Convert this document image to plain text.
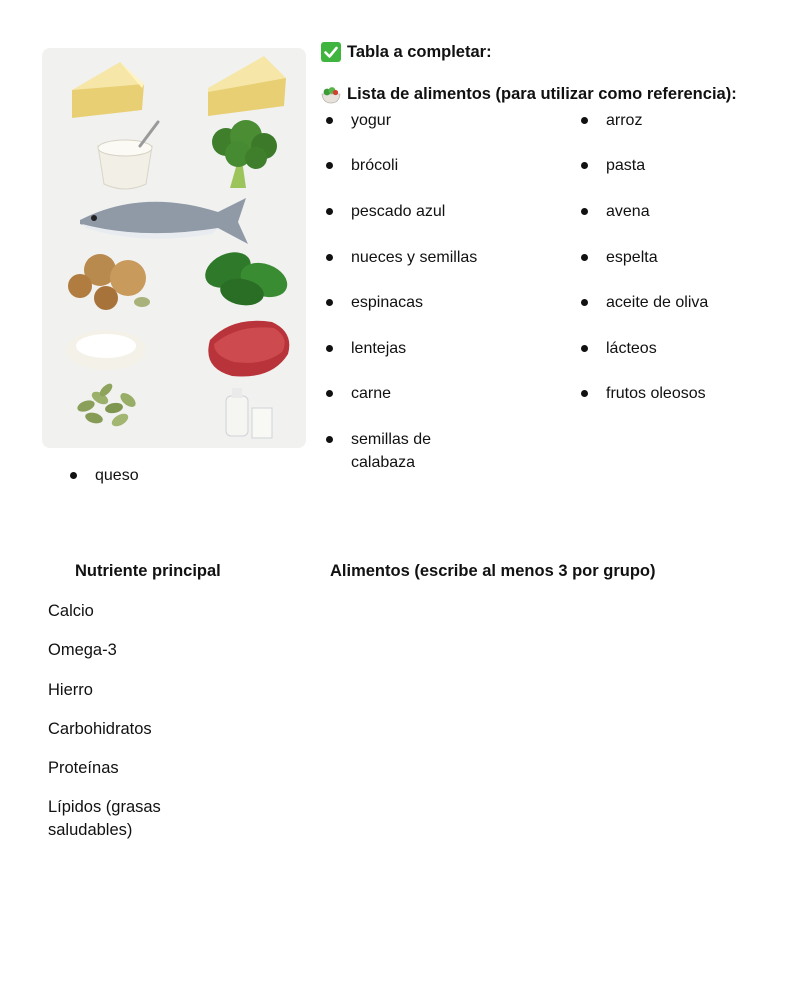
queso
Tabla a completar:
Lista de alimentos (para utilizar como referencia):
yogur
brócoli
pescado azul
nueces y semillas
espinacas
lentejas
carne
semillas de calabaza
arroz
pasta
avena
espelta
aceite de oliva
lácteos
frutos oleosos
Nutriente principal	Alimentos (escribe al menos 3 por grupo)
Calcio
Omega-3
Hierro
Carbohidratos
Proteínas
Lípidos (grasas saludables)
